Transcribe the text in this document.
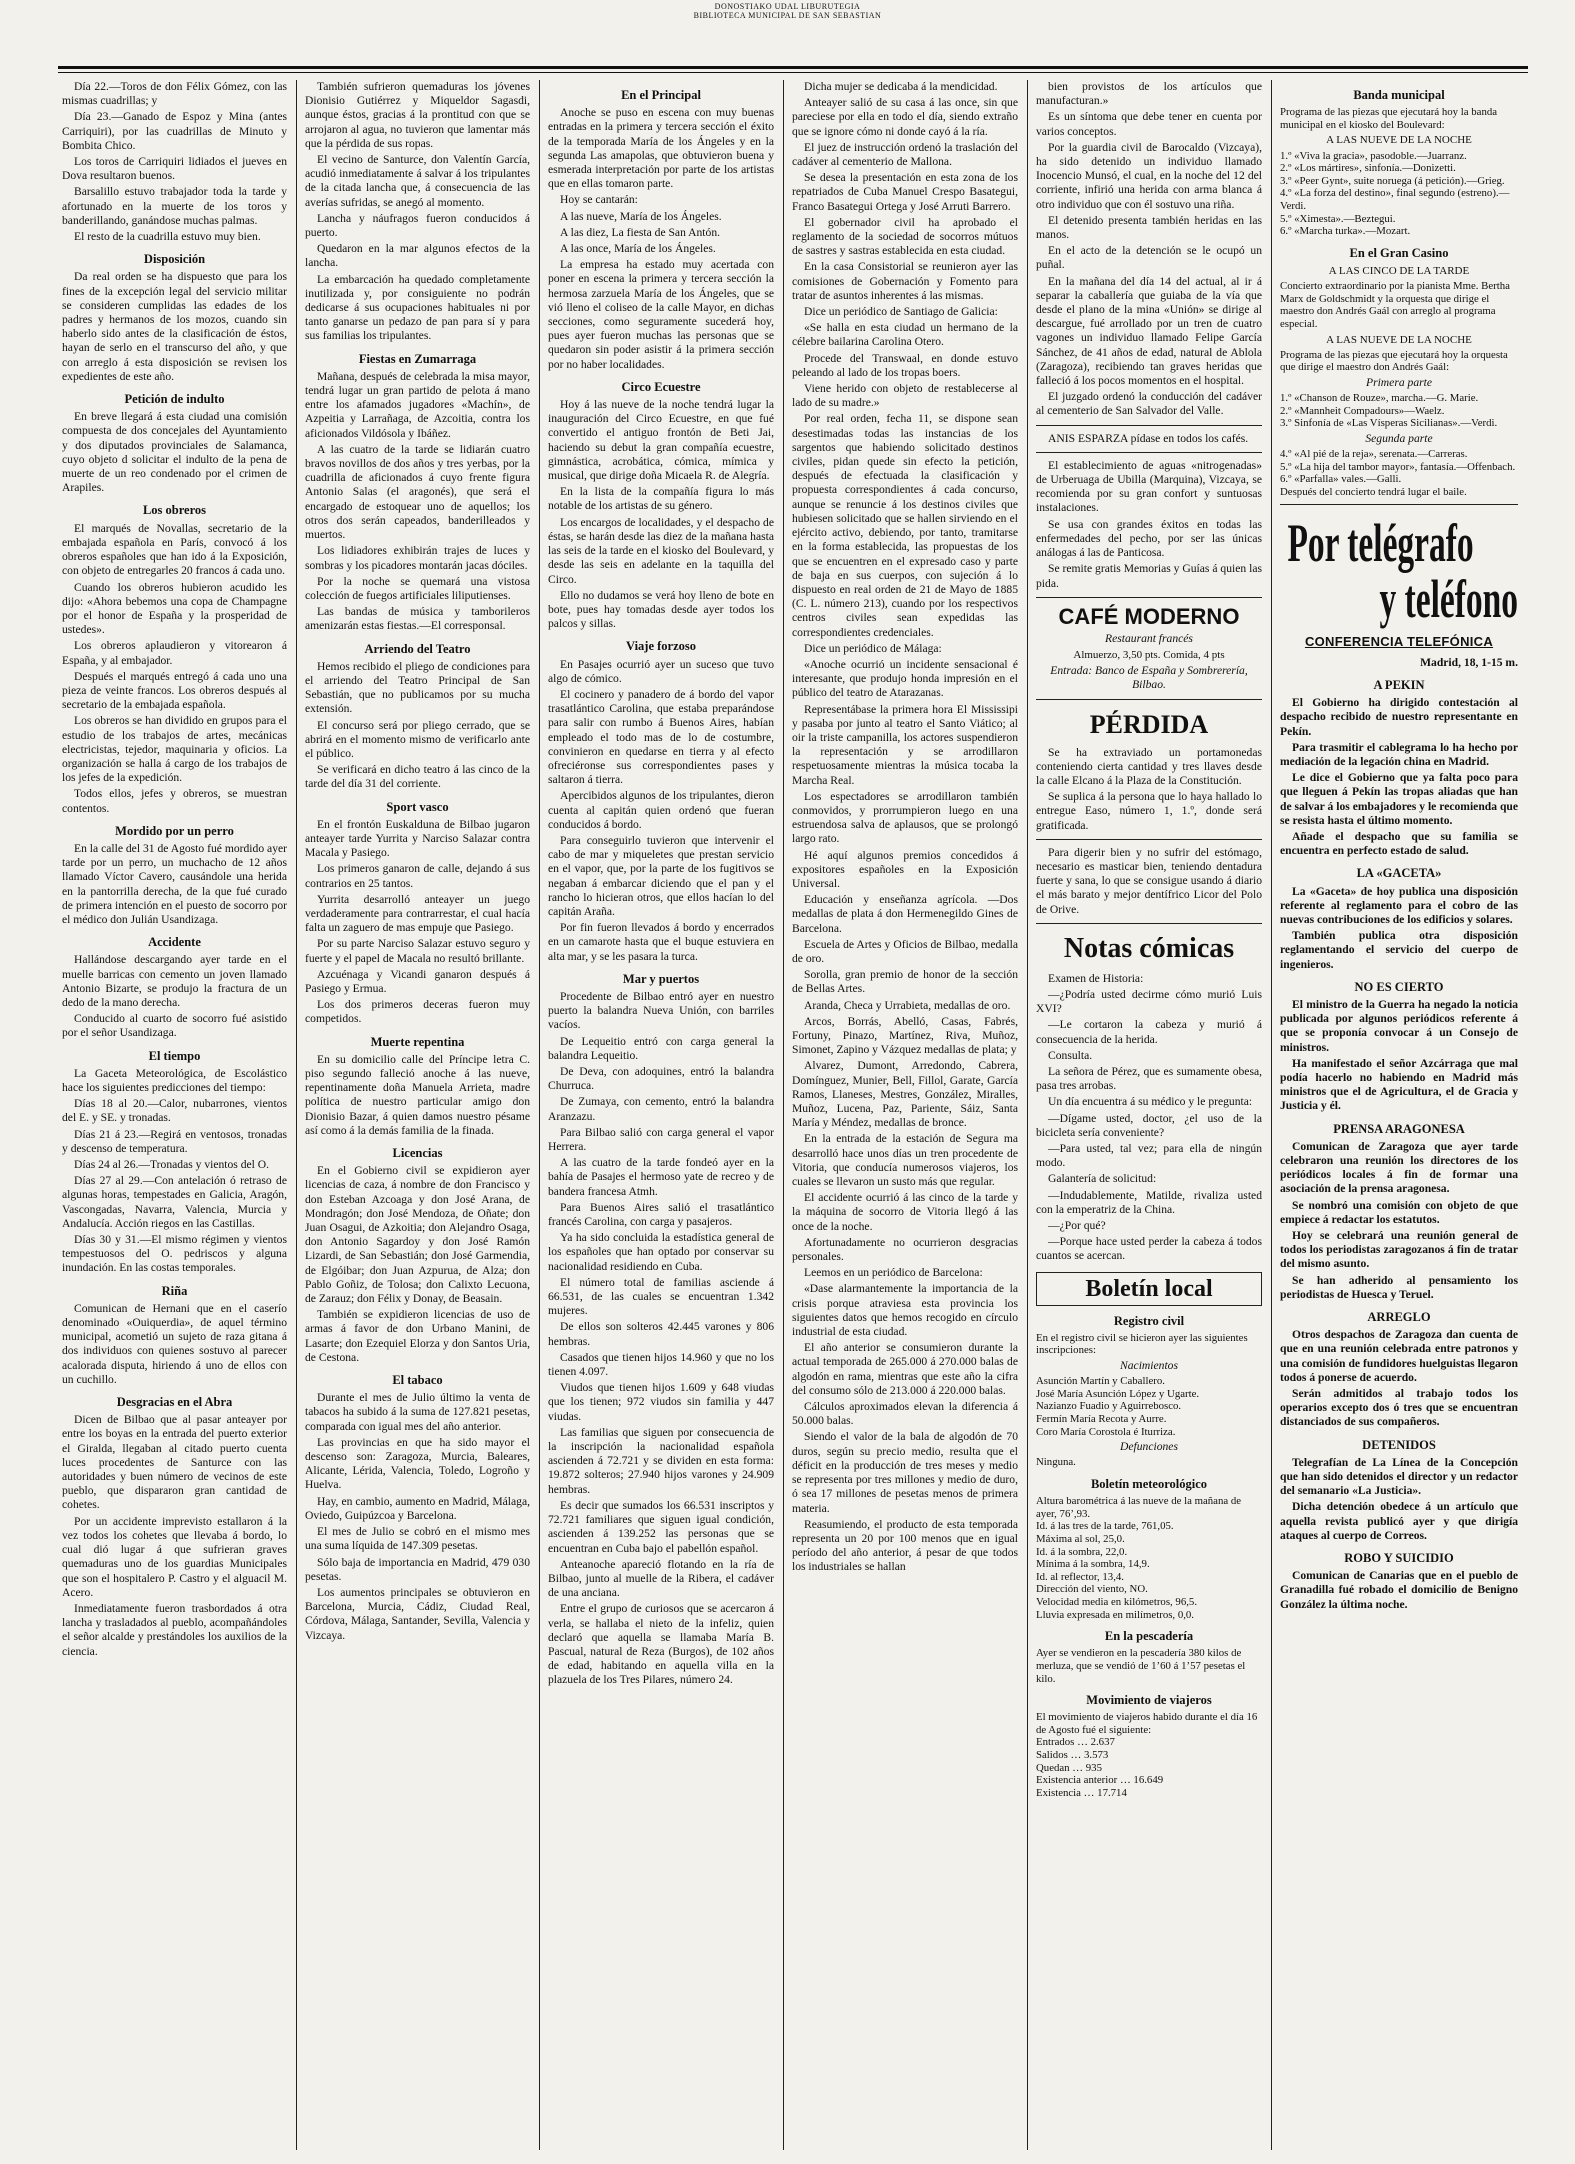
DONOSTIAKO UDAL LIBURUTEGIA
BIBLIOTECA MUNICIPAL DE SAN SEBASTIAN

Día 22.—Toros de don Félix Gómez, con las mismas cuadrillas; y

Día 23.—Ganado de Espoz y Mina (antes Carriquiri), por las cuadrillas de Minuto y Bombita Chico.

Los toros de Carriquiri lidiados el jueves en Dova resultaron buenos.

Barsalillo estuvo trabajador toda la tarde y afortunado en la muerte de los toros y banderillando, ganándose muchas palmas.

El resto de la cuadrilla estuvo muy bien.

Disposición

Da real orden se ha dispuesto que para los fines de la excepción legal del servicio militar se consideren cumplidas las edades de los padres y hermanos de los mozos, cuando sin haberlo sido antes de la clasificación de éstos, hayan de serlo en el transcurso del año, y que con arreglo á esta disposición se revisen los expedientes de este año.

Petición de indulto

En breve llegará á esta ciudad una comisión compuesta de dos concejales del Ayuntamiento y dos diputados provinciales de Salamanca, cuyo objeto d solicitar el indulto de la pena de muerte de un reo condenado por el crimen de Arapiles.

Los obreros

El marqués de Novallas, secretario de la embajada española en París, convocó á los obreros españoles que han ido á la Exposición, con objeto de entregarles 20 francos á cada uno.

Cuando los obreros hubieron acudido les dijo: «Ahora bebemos una copa de Champagne por el honor de España y la prosperidad de ustedes».

Los obreros aplaudieron y vitorearon á España, y al embajador.

Después el marqués entregó á cada uno una pieza de veinte francos. Los obreros después al secretario de la embajada española.

Los obreros se han dividido en grupos para el estudio de los trabajos de artes, mecánicas electricistas, tejedor, maquinaria y oficios. La organización se halla á cargo de los trabajos de los jefes de la expedición.

Todos ellos, jefes y obreros, se muestran contentos.

Mordido por un perro

En la calle del 31 de Agosto fué mordido ayer tarde por un perro, un muchacho de 12 años llamado Víctor Cavero, causándole una herida en la pantorrilla derecha, de la que fué curado de primera intención en el puesto de socorro por el médico don Julián Usandizaga.

Accidente

Hallándose descargando ayer tarde en el muelle barricas con cemento un joven llamado Antonio Bizarte, se produjo la fractura de un dedo de la mano derecha.

Conducido al cuarto de socorro fué asistido por el señor Usandizaga.

El tiempo

La Gaceta Meteorológica, de Escolástico hace los siguientes predicciones del tiempo:

Días 18 al 20.—Calor, nubarrones, vientos del E. y SE. y tronadas.

Días 21 á 23.—Regirá en ventosos, tronadas y descenso de temperatura.

Días 24 al 26.—Tronadas y vientos del O.

Días 27 al 29.—Con antelación ó retraso de algunas horas, tempestades en Galicia, Aragón, Vascongadas, Navarra, Valencia, Murcia y Andalucía. Acción riegos en las Castillas.

Días 30 y 31.—El mismo régimen y vientos tempestuosos del O. pedriscos y alguna inundación. En las costas temporales.

Riña

Comunican de Hernani que en el caserío denominado «Ouiquerdia», de aquel término municipal, acometió un sujeto de raza gitana á dos individuos con quienes sostuvo al parecer acalorada disputa, hiriendo á uno de ellos con un cuchillo.

Desgracias en el Abra

Dicen de Bilbao que al pasar anteayer por entre los boyas en la entrada del puerto exterior el Giralda, llegaban al citado puerto cuenta luces procedentes de Santurce con las autoridades y buen número de vecinos de este pueblo, que dispararon gran cantidad de cohetes.

Por un accidente imprevisto estallaron á la vez todos los cohetes que llevaba á bordo, lo cual dió lugar á que sufrieran graves quemaduras uno de los guardias Municipales que son el hospitalero P. Castro y el alguacil M. Acero.

Inmediatamente fueron trasbordados á otra lancha y trasladados al pueblo, acompañándoles el señor alcalde y prestándoles los auxilios de la ciencia.

También sufrieron quemaduras los jóvenes Dionisio Gutiérrez y Miqueldor Sagasdi, aunque éstos, gracias á la prontitud con que se arrojaron al agua, no tuvieron que lamentar más que la pérdida de sus ropas.

El vecino de Santurce, don Valentín García, acudió inmediatamente á salvar á los tripulantes de la citada lancha que, á consecuencia de las averías sufridas, se anegó al momento.

Lancha y náufragos fueron conducidos á puerto.

Quedaron en la mar algunos efectos de la lancha.

La embarcación ha quedado completamente inutilizada y, por consiguiente no podrán dedicarse á sus ocupaciones habituales ni por tanto ganarse un pedazo de pan para sí y para sus familias los tripulantes.

Fiestas en Zumarraga

Mañana, después de celebrada la misa mayor, tendrá lugar un gran partido de pelota á mano entre los afamados jugadores «Machín», de Azpeitia y Larrañaga, de Azcoitia, contra los aficionados Vildósola y Ibáñez.

A las cuatro de la tarde se lidiarán cuatro bravos novillos de dos años y tres yerbas, por la cuadrilla de aficionados á cuyo frente figura Antonio Salas (el aragonés), que será el encargado de estoquear uno de aquellos; los otros dos serán capeados, banderilleados y muertos.

Los lidiadores exhibirán trajes de luces y sombras y los picadores montarán jacas dóciles.

Por la noche se quemará una vistosa colección de fuegos artificiales liliputienses.

Las bandas de música y tamborileros amenizarán estas fiestas.—El corresponsal.

Arriendo del Teatro

Hemos recibido el pliego de condiciones para el arriendo del Teatro Principal de San Sebastián, que no publicamos por su mucha extensión.

El concurso será por pliego cerrado, que se abrirá en el momento mismo de verificarlo ante el público.

Se verificará en dicho teatro á las cinco de la tarde del día 31 del corriente.

Sport vasco

En el frontón Euskalduna de Bilbao jugaron anteayer tarde Yurrita y Narciso Salazar contra Macala y Pasiego.

Los primeros ganaron de calle, dejando á sus contrarios en 25 tantos.

Yurrita desarrolló anteayer un juego verdaderamente para contrarrestar, el cual hacía falta un zaguero de mas empuje que Pasiego.

Por su parte Narciso Salazar estuvo seguro y fuerte y el papel de Macala no resultó brillante.

Azcuénaga y Vicandi ganaron después á Pasiego y Ermua.

Los dos primeros deceras fueron muy competidos.

Muerte repentina

En su domicilio calle del Príncipe letra C. piso segundo falleció anoche á las nueve, repentinamente doña Manuela Arrieta, madre política de nuestro particular amigo don Dionisio Bazar, á quien damos nuestro pésame así como á la demás familia de la finada.

Licencias

En el Gobierno civil se expidieron ayer licencias de caza, á nombre de don Francisco y don Esteban Azcoaga y don José Arana, de Mondragón; don José Mendoza, de Oñate; don Juan Osagui, de Azkoitia; don Alejandro Osaga, don Antonio Sagardoy y don José Ramón Lizardi, de San Sebastián; don José Garmendia, de Elgóibar; don Juan Azpurua, de Alza; don Pablo Goñiz, de Tolosa; don Calixto Lecuona, de Zarauz; don Félix y Donay, de Beasain.

También se expidieron licencias de uso de armas á favor de don Urbano Manini, de Lasarte; don Ezequiel Elorza y don Santos Uria, de Cestona.

El tabaco

Durante el mes de Julio último la venta de tabacos ha subido á la suma de 127.821 pesetas, comparada con igual mes del año anterior.

Las provincias en que ha sido mayor el descenso son: Zaragoza, Murcia, Baleares, Alicante, Lérida, Valencia, Toledo, Logroño y Huelva.

Hay, en cambio, aumento en Madrid, Málaga, Oviedo, Guipúzcoa y Barcelona.

El mes de Julio se cobró en el mismo mes una suma líquida de 147.309 pesetas.

Sólo baja de importancia en Madrid, 479 030 pesetas.

Los aumentos principales se obtuvieron en Barcelona, Murcia, Cádiz, Ciudad Real, Córdova, Málaga, Santander, Sevilla, Valencia y Vizcaya.

En el Principal

Anoche se puso en escena con muy buenas entradas en la primera y tercera sección el éxito de la temporada María de los Ángeles y en la segunda Las amapolas, que obtuvieron buena y esmerada interpretación por parte de los artistas que en ellas tomaron parte.

Hoy se cantarán:

A las nueve, María de los Ángeles.

A las diez, La fiesta de San Antón.

A las once, María de los Ángeles.

La empresa ha estado muy acertada con poner en escena la primera y tercera sección la hermosa zarzuela María de los Ángeles, que se vió lleno el coliseo de la calle Mayor, en dichas secciones, como seguramente sucederá hoy, pues ayer fueron muchas las personas que se quedaron sin poder asistir á la primera sección por no haber localidades.

Circo Ecuestre

Hoy á las nueve de la noche tendrá lugar la inauguración del Circo Ecuestre, en que fué convertido el antiguo frontón de Beti Jai, haciendo su debut la gran compañía ecuestre, gimnástica, acrobática, cómica, mímica y musical, que dirige doña Micaela R. de Alegría.

En la lista de la compañía figura lo más notable de los artistas de su género.

Los encargos de localidades, y el despacho de éstas, se harán desde las diez de la mañana hasta las seis de la tarde en el kiosko del Boulevard, y desde las seis en adelante en la taquilla del Circo.

Ello no dudamos se verá hoy lleno de bote en bote, pues hay tomadas desde ayer todos los palcos y sillas.

Viaje forzoso

En Pasajes ocurrió ayer un suceso que tuvo algo de cómico.

El cocinero y panadero de á bordo del vapor trasatlántico Carolina, que estaba preparándose para salir con rumbo á Buenos Aires, habían empleado el todo mas de lo de costumbre, convinieron en quedarse en tierra y al efecto ofreciéronse sus correspondientes pases y saltaron á tierra.

Apercibidos algunos de los tripulantes, dieron cuenta al capitán quien ordenó que fueran conducidos á bordo.

Para conseguirlo tuvieron que intervenir el cabo de mar y miqueletes que prestan servicio en el vapor, que, por la parte de los fugitivos se negaban á embarcar diciendo que el pan y el rancho lo hicieran otros, que ellos hacían lo del capitán Araña.

Por fin fueron llevados á bordo y encerrados en un camarote hasta que el buque estuviera en alta mar, y se les pasara la turca.

Mar y puertos

Procedente de Bilbao entró ayer en nuestro puerto la balandra Nueva Unión, con barriles vacíos.

De Lequeitio entró con carga general la balandra Lequeitio.

De Deva, con adoquines, entró la balandra Churruca.

De Zumaya, con cemento, entró la balandra Aranzazu.

Para Bilbao salió con carga general el vapor Herrera.

A las cuatro de la tarde fondeó ayer en la bahía de Pasajes el hermoso yate de recreo y de bandera francesa Atmh.

Para Buenos Aires salió el trasatlántico francés Carolina, con carga y pasajeros.

Ya ha sido concluida la estadística general de los españoles que han optado por conservar su nacionalidad residiendo en Cuba.

El número total de familias asciende á 66.531, de las cuales se encuentran 1.342 mujeres.

De ellos son solteros 42.445 varones y 806 hembras.

Casados que tienen hijos 14.960 y que no los tienen 4.097.

Viudos que tienen hijos 1.609 y 648 viudas que los tienen; 972 viudos sin familia y 447 viudas.

Las familias que siguen por consecuencia de la inscripción la nacionalidad española ascienden á 72.721 y se dividen en esta forma: 19.872 solteros; 27.940 hijos varones y 24.909 hembras.

Es decir que sumados los 66.531 inscriptos y 72.721 familiares que siguen igual condición, ascienden á 139.252 las personas que se encuentran en Cuba bajo el pabellón español.

Anteanoche apareció flotando en la ría de Bilbao, junto al muelle de la Ribera, el cadáver de una anciana.

Entre el grupo de curiosos que se acercaron á verla, se hallaba el nieto de la infeliz, quien declaró que aquella se llamaba María B. Pascual, natural de Reza (Burgos), de 102 años de edad, habitando en aquella villa en la plazuela de los Tres Pilares, número 24.

Dicha mujer se dedicaba á la mendicidad.

Anteayer salió de su casa á las once, sin que pareciese por ella en todo el día, siendo extraño que se ignore cómo ni donde cayó á la ría.

El juez de instrucción ordenó la traslación del cadáver al cementerio de Mallona.

Se desea la presentación en esta zona de los repatriados de Cuba Manuel Crespo Basategui, Franco Basategui Ortega y José Arruti Barrero.

El gobernador civil ha aprobado el reglamento de la sociedad de socorros mútuos de sastres y sastras establecida en esta ciudad.

En la casa Consistorial se reunieron ayer las comisiones de Gobernación y Fomento para tratar de asuntos inherentes á las mismas.

Dice un periódico de Santiago de Galicia:

«Se halla en esta ciudad un hermano de la célebre bailarina Carolina Otero.

Procede del Transwaal, en donde estuvo peleando al lado de los tropas boers.

Viene herido con objeto de restablecerse al lado de su madre.»

Por real orden, fecha 11, se dispone sean desestimadas todas las instancias de los sargentos que habiendo solicitado destinos civiles, pidan quede sin efecto la petición, después de efectuada la clasificación y propuesta correspondientes á cada concurso, aunque se renuncie á los destinos civiles que hubiesen solicitado que se hallen sirviendo en el ejército activo, debiendo, por tanto, tramitarse en la forma establecida, las propuestas de los que se encuentren en el expresado caso y parte de baja en sus cuerpos, con sujeción á lo dispuesto en real orden de 21 de Mayo de 1885 (C. L. número 213), cuando por los respectivos centros civiles sean expedidas las correspondientes credenciales.

Dice un periódico de Málaga:

«Anoche ocurrió un incidente sensacional é interesante, que produjo honda impresión en el público del teatro de Atarazanas.

Representábase la primera hora El Mississipi y pasaba por junto al teatro el Santo Viático; al oir la triste campanilla, los actores suspendieron la representación y se arrodillaron respetuosamente mientras la música tocaba la Marcha Real.

Los espectadores se arrodillaron también conmovidos, y prorrumpieron luego en una estruendosa salva de aplausos, que se prolongó largo rato.

Hé aquí algunos premios concedidos á expositores españoles en la Exposición Universal.

Educación y enseñanza agrícola. —Dos medallas de plata á don Hermenegildo Gines de Barcelona.

Escuela de Artes y Oficios de Bilbao, medalla de oro.

Sorolla, gran premio de honor de la sección de Bellas Artes.

Aranda, Checa y Urrabieta, medallas de oro.

Arcos, Borrás, Abelló, Casas, Fabrés, Fortuny, Pinazo, Martínez, Riva, Muñoz, Simonet, Zapino y Vázquez medallas de plata; y

Alvarez, Dumont, Arredondo, Cabrera, Domínguez, Munier, Bell, Fillol, Garate, García Ramos, Llaneses, Mestres, González, Miralles, Muñoz, Lucena, Paz, Pariente, Sáiz, Santa María y Méndez, medallas de bronce.

En la entrada de la estación de Segura ma desarrolló hace unos días un tren procedente de Vitoria, que conducía numerosos viajeros, los cuales se llevaron un susto más que regular.

El accidente ocurrió á las cinco de la tarde y la máquina de socorro de Vitoria llegó á las once de la noche.

Afortunadamente no ocurrieron desgracias personales.

Leemos en un periódico de Barcelona:

«Dase alarmantemente la importancia de la crisis porque atraviesa esta provincia los siguientes datos que hemos recogido en círculo industrial de esta ciudad.

El año anterior se consumieron durante la actual temporada de 265.000 á 270.000 balas de algodón en rama, mientras que este año la cifra del consumo sólo de 213.000 á 220.000 balas.

Cálculos aproximados elevan la diferencia á 50.000 balas.

Siendo el valor de la bala de algodón de 70 duros, según su precio medio, resulta que el déficit en la producción de tres meses y medio se representa por tres millones y medio de duro, ó sea 17 millones de pesetas menos de primera materia.

Reasumiendo, el producto de esta temporada representa un 20 por 100 menos que en igual período del año anterior, á pesar de que todos los industriales se hallan

bien provistos de los artículos que manufacturan.»

Es un síntoma que debe tener en cuenta por varios conceptos.

Por la guardia civil de Barocaldo (Vizcaya), ha sido detenido un individuo llamado Inocencio Munsó, el cual, en la noche del 12 del corriente, infirió una herida con arma blanca á otro individuo que con él sostuvo una riña.

El detenido presenta también heridas en las manos.

En el acto de la detención se le ocupó un puñal.

En la mañana del día 14 del actual, al ir á separar la caballería que guiaba de la vía que desde el plano de la mina «Unión» se dirige al descargue, fué arrollado por un tren de cuatro vagones un individuo llamado Felipe García Sánchez, de 41 años de edad, natural de Ablola (Zaragoza), recibiendo tan graves heridas que falleció á los pocos momentos en el hospital.

El juzgado ordenó la conducción del cadáver al cementerio de San Salvador del Valle.

ANIS ESPARZA pídase en todos los cafés.

El establecimiento de aguas «nitrogenadas» de Urberuaga de Ubilla (Marquina), Vizcaya, se recomienda por su gran confort y suntuosas instalaciones.

Se usa con grandes éxitos en todas las enfermedades del pecho, por ser las únicas análogas á las de Panticosa.

Se remite gratis Memorias y Guías á quien las pida.

CAFÉ MODERNO

Restaurant francés

Almuerzo, 3,50 pts. Comida, 4 pts

Entrada: Banco de España y Sombrerería, Bilbao.

PÉRDIDA

Se ha extraviado un portamonedas conteniendo cierta cantidad y tres llaves desde la calle Elcano á la Plaza de la Constitución.

Se suplica á la persona que lo haya hallado lo entregue Easo, número 1, 1.º, donde será gratificada.

Para digerir bien y no sufrir del estómago, necesario es masticar bien, teniendo dentadura fuerte y sana, lo que se consigue usando á diario el más barato y mejor dentífrico Licor del Polo de Orive.

Notas cómicas

Examen de Historia:

—¿Podría usted decirme cómo murió Luis XVI?

—Le cortaron la cabeza y murió á consecuencia de la herida.

Consulta.

La señora de Pérez, que es sumamente obesa, pasa tres arrobas.

Un día encuentra á su médico y le pregunta:

—Dígame usted, doctor, ¿el uso de la bicicleta sería conveniente?

—Para usted, tal vez; para ella de ningún modo.

Galantería de solicitud:

—Indudablemente, Matilde, rivaliza usted con la emperatriz de la China.

—¿Por qué?

—Porque hace usted perder la cabeza á todos cuantos se acercan.

Boletín local

Registro civil

En el registro civil se hicieron ayer las siguientes inscripciones:

Nacimientos

Asunción Martín y Caballero.
José María Asunción López y Ugarte.
Nazianzo Fuadio y Aguirrebosco.
Fermín María Recota y Aurre.
Coro María Corostola é Iturriza.

Defunciones

Ninguna.

Boletín meteorológico

Altura barométrica á las nueve de la mañana de ayer, 76’,93.
Id. á las tres de la tarde, 761,05.
Máxima al sol, 25,0.
Id. á la sombra, 22,0.
Mínima á la sombra, 14,9.
Id. al reflector, 13,4.
Dirección del viento, NO.
Velocidad media en kilómetros, 96,5.
Lluvia expresada en milímetros, 0,0.

En la pescadería

Ayer se vendieron en la pescadería 380 kilos de merluza, que se vendió de 1’60 á 1’57 pesetas el kilo.

Movimiento de viajeros

El movimiento de viajeros habido durante el día 16 de Agosto fué el siguiente:
Entrados … 2.637
Salidos … 3.573
Quedan … 935
Existencia anterior … 16.649
Existencia … 17.714

Banda municipal

Programa de las piezas que ejecutará hoy la banda municipal en el kiosko del Boulevard:

A LAS NUEVE DE LA NOCHE

1.º «Viva la gracia», pasodoble.—Juarranz.
2.º «Los mártires», sinfonía.—Donizetti.
3.º «Peer Gynt», suite noruega (á petición).—Grieg.
4.º «La forza del destino», final segundo (estreno).—Verdi.
5.º «Ximesta».—Beztegui.
6.º «Marcha turka».—Mozart.

En el Gran Casino

A LAS CINCO DE LA TARDE

Concierto extraordinario por la pianista Mme. Bertha Marx de Goldschmidt y la orquesta que dirige el maestro don Andrés Gaál con arreglo al programa especial.

A LAS NUEVE DE LA NOCHE

Programa de las piezas que ejecutará hoy la orquesta que dirige el maestro don Andrés Gaál:

Primera parte

1.º «Chanson de Rouze», marcha.—G. Marie.
2.º «Mannheit Compadours»—Waelz.
3.º Sinfonía de «Las Vísperas Sicilianas».—Verdi.

Segunda parte

4.º «Al pié de la reja», serenata.—Carreras.
5.º «La hija del tambor mayor», fantasía.—Offenbach.
6.º «Parfalla» vales.—Galli.
Después del concierto tendrá lugar el baile.

Por telégrafo

y teléfono

CONFERENCIA TELEFÓNICA

Madrid, 18, 1-15 m.

A PEKIN

El Gobierno ha dirigido contestación al despacho recibido de nuestro representante en Pekín.

Para trasmitir el cablegrama lo ha hecho por mediación de la legación china en Madrid.

Le dice el Gobierno que ya falta poco para que lleguen á Pekín las tropas aliadas que han de salvar á los embajadores y le recomienda que se resista hasta el último momento.

Añade el despacho que su familia se encuentra en perfecto estado de salud.

LA «GACETA»

La «Gaceta» de hoy publica una disposición referente al reglamento para el cobro de las nuevas contribuciones de los edificios y solares.

También publica otra disposición reglamentando el servicio del cuerpo de ingenieros.

NO ES CIERTO

El ministro de la Guerra ha negado la noticia publicada por algunos periódicos referente á que se proponía convocar á un Consejo de ministros.

Ha manifestado el señor Azcárraga que mal podía hacerlo no habiendo en Madrid más ministros que el de Agricultura, el de Gracia y Justicia y él.

PRENSA ARAGONESA

Comunican de Zaragoza que ayer tarde celebraron una reunión los directores de los periódicos locales á fin de formar una asociación de la prensa aragonesa.

Se nombró una comisión con objeto de que empiece á redactar los estatutos.

Hoy se celebrará una reunión general de todos los periodistas zaragozanos á fin de tratar del mismo asunto.

Se han adherido al pensamiento los periodistas de Huesca y Teruel.

ARREGLO

Otros despachos de Zaragoza dan cuenta de que en una reunión celebrada entre patronos y una comisión de fundidores huelguistas llegaron todos á ponerse de acuerdo.

Serán admitidos al trabajo todos los operarios excepto dos ó tres que se encuentran distanciados de sus compañeros.

DETENIDOS

Telegrafían de La Línea de la Concepción que han sido detenidos el director y un redactor del semanario «La Justicia».

Dicha detención obedece á un artículo que aquella revista publicó ayer y que dirigía ataques al cuerpo de Correos.

ROBO Y SUICIDIO

Comunican de Canarias que en el pueblo de Granadilla fué robado el domicilio de Benigno González la última noche.
